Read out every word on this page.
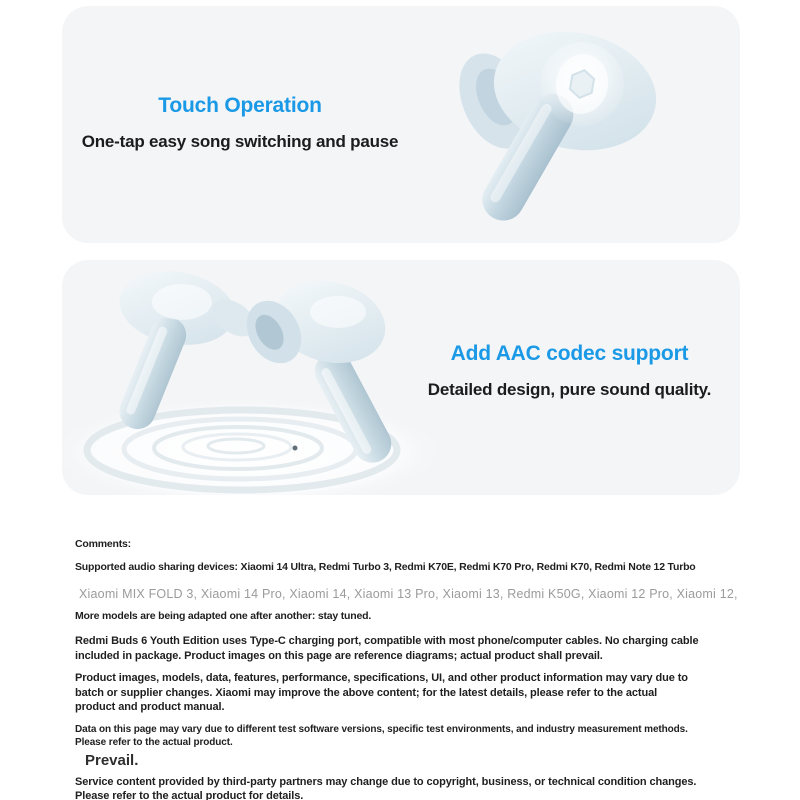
Touch Operation
One-tap easy song switching and pause
Add AAC codec support
Detailed design, pure sound quality.
Comments:
Supported audio sharing devices: Xiaomi 14 Ultra, Redmi Turbo 3, Redmi K70E, Redmi K70 Pro, Redmi K70, Redmi Note 12 Turbo
Xiaomi MIX FOLD 3, Xiaomi 14 Pro, Xiaomi 14, Xiaomi 13 Pro, Xiaomi 13, Redmi K50G, Xiaomi 12 Pro, Xiaomi 12,
More models are being adapted one after another: stay tuned.
Redmi Buds 6 Youth Edition uses Type-C charging port, compatible with most phone/computer cables. No charging cable included in package. Product images on this page are reference diagrams; actual product shall prevail.
Product images, models, data, features, performance, specifications, UI, and other product information may vary due to batch or supplier changes. Xiaomi may improve the above content; for the latest details, please refer to the actual product and product manual.
Data on this page may vary due to different test software versions, specific test environments, and industry measurement methods. Please refer to the actual product.
Prevail.
Service content provided by third-party partners may change due to copyright, business, or technical condition changes. Please refer to the actual product for details.
